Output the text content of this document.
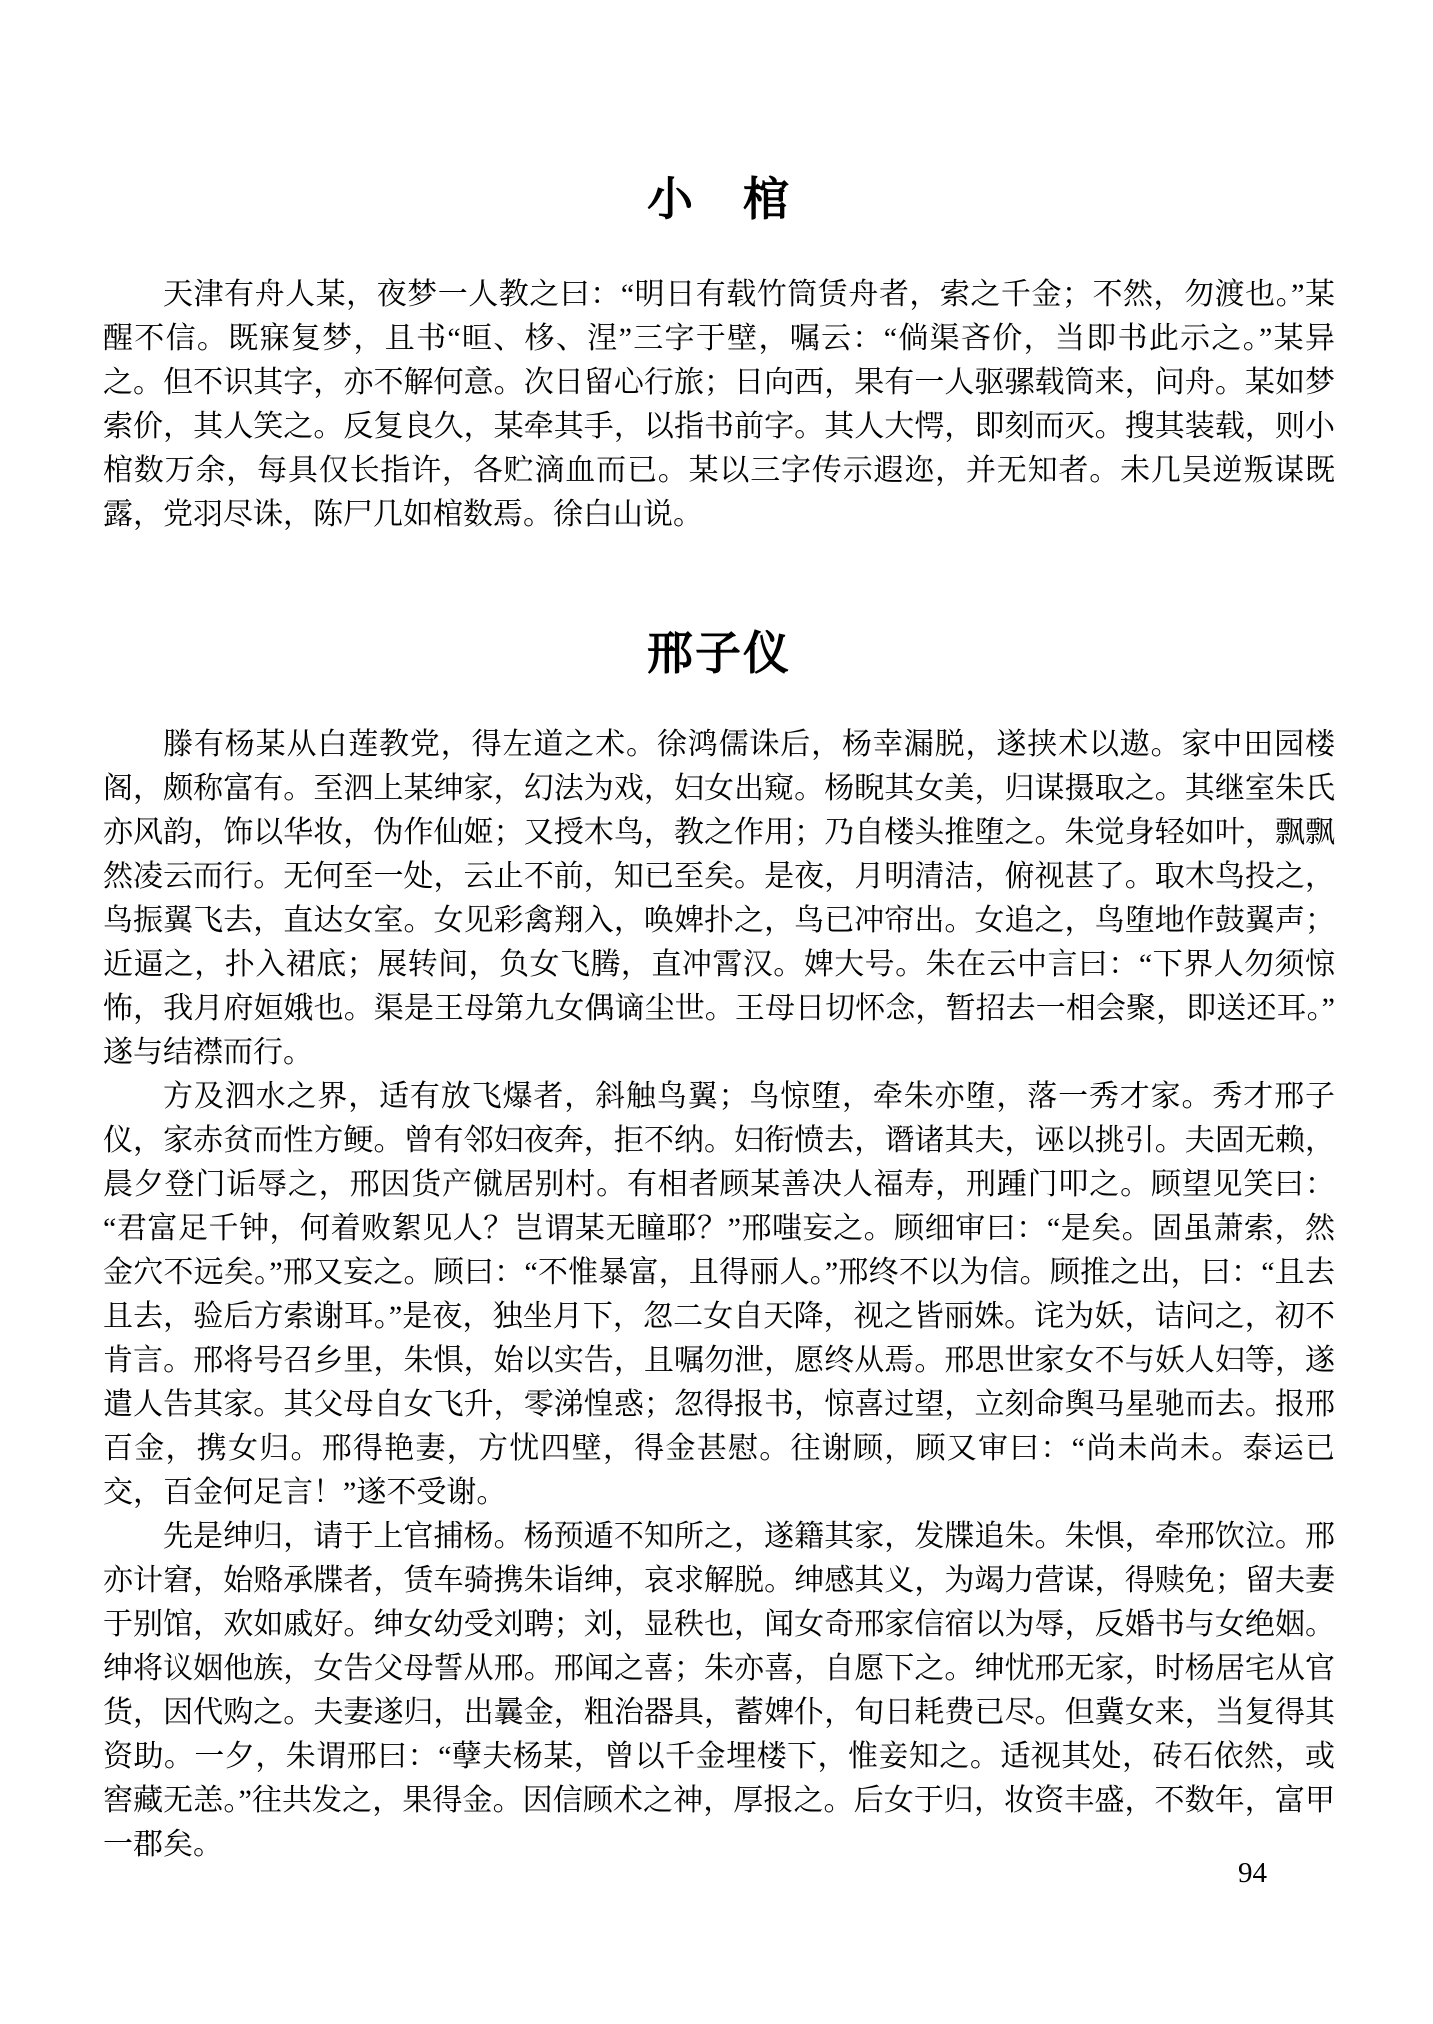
小　棺

天津有舟人某，夜梦一人教之曰：“明日有载竹筒赁舟者，索之千金；不然，勿渡也。”某醒不信。既寐复梦，且书“晅、栘、涅”三字于壁，嘱云：“倘渠吝价，当即书此示之。”某异之。但不识其字，亦不解何意。次日留心行旅；日向西，果有一人驱骡载筒来，问舟。某如梦索价，其人笑之。反复良久，某牵其手，以指书前字。其人大愕，即刻而灭。搜其装载，则小棺数万余，每具仅长指许，各贮滴血而已。某以三字传示遐迩，并无知者。未几吴逆叛谋既露，党羽尽诛，陈尸几如棺数焉。徐白山说。

邢子仪

滕有杨某从白莲教党，得左道之术。徐鸿儒诛后，杨幸漏脱，遂挟术以遨。家中田园楼阁，颇称富有。至泗上某绅家，幻法为戏，妇女出窥。杨睨其女美，归谋摄取之。其继室朱氏亦风韵，饰以华妆，伪作仙姬；又授木鸟，教之作用；乃自楼头推堕之。朱觉身轻如叶，飘飘然凌云而行。无何至一处，云止不前，知已至矣。是夜，月明清洁，俯视甚了。取木鸟投之，鸟振翼飞去，直达女室。女见彩禽翔入，唤婢扑之，鸟已冲帘出。女追之，鸟堕地作鼓翼声；近逼之，扑入裙底；展转间，负女飞腾，直冲霄汉。婢大号。朱在云中言曰：“下界人勿须惊怖，我月府姮娥也。渠是王母第九女偶谪尘世。王母日切怀念，暂招去一相会聚，即送还耳。”遂与结襟而行。

方及泗水之界，适有放飞爆者，斜触鸟翼；鸟惊堕，牵朱亦堕，落一秀才家。秀才邢子仪，家赤贫而性方鲠。曾有邻妇夜奔，拒不纳。妇衔愤去，谮诸其夫，诬以挑引。夫固无赖，晨夕登门诟辱之，邢因货产僦居别村。有相者顾某善决人福寿，刑踵门叩之。顾望见笑曰：“君富足千钟，何着败絮见人？岂谓某无瞳耶？”邢嗤妄之。顾细审曰：“是矣。固虽萧索，然金穴不远矣。”邢又妄之。顾曰：“不惟暴富，且得丽人。”邢终不以为信。顾推之出，曰：“且去且去，验后方索谢耳。”是夜，独坐月下，忽二女自天降，视之皆丽姝。诧为妖，诘问之，初不肯言。邢将号召乡里，朱惧，始以实告，且嘱勿泄，愿终从焉。邢思世家女不与妖人妇等，遂遣人告其家。其父母自女飞升，零涕惶惑；忽得报书，惊喜过望，立刻命舆马星驰而去。报邢百金，携女归。邢得艳妻，方忧四壁，得金甚慰。往谢顾，顾又审曰：“尚未尚未。泰运已交，百金何足言！”遂不受谢。

先是绅归，请于上官捕杨。杨预遁不知所之，遂籍其家，发牒追朱。朱惧，牵邢饮泣。邢亦计窘，始赂承牒者，赁车骑携朱诣绅，哀求解脱。绅感其义，为竭力营谋，得赎免；留夫妻于别馆，欢如戚好。绅女幼受刘聘；刘，显秩也，闻女奇邢家信宿以为辱，反婚书与女绝姻。绅将议姻他族，女告父母誓从邢。邢闻之喜；朱亦喜，自愿下之。绅忧邢无家，时杨居宅从官货，因代购之。夫妻遂归，出曩金，粗治器具，蓄婢仆，旬日耗费已尽。但冀女来，当复得其资助。一夕，朱谓邢曰：“孽夫杨某，曾以千金埋楼下，惟妾知之。适视其处，砖石依然，或窖藏无恙。”往共发之，果得金。因信顾术之神，厚报之。后女于归，妆资丰盛，不数年，富甲一郡矣。

94
